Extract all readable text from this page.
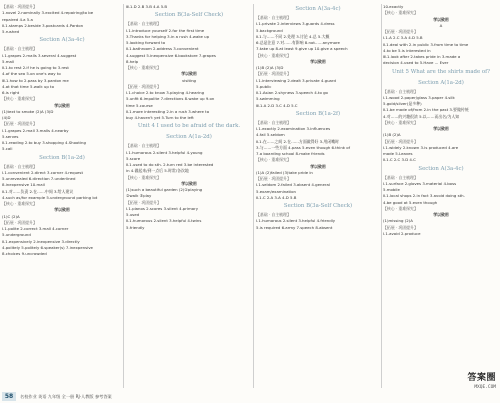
【基础 · 巩固提升】
1.novel 2.nominally 3.excited 4.repairing/to be
repaired 4.a 5.a
Ⅱ.1.stamps 2.beside 3.postcards 4.Pardon
5.rushed
Section A(3a-4c)
【基础 · 自主梳理】
Ⅰ.1.grapes 2.malls 3.several 4.suggest
5.mall
Ⅱ.1.to rest 2.if he is going to 3.rest
4.of the sea 5.on one's way to
Ⅲ.1.how to 2.pass by 3.pardon me
4.at that time 5.walk up to
6.is right
【核心 · 重难探究】
学以致用
(1)text to smoke (2)A (3)D
(4)D
【拓展 · 巩固提升】
Ⅰ.1.grapes 2.mall 3.malls 4.nearby
5.serves
Ⅱ.1.reading 2.to buy 3.shopping 4.Shooting
5.call
Section B(1a-2d)
【基础 · 自主梳理】
Ⅰ.1.convenient 2.direct 3.corner 4.request
5.unrevealed 6.direction 7.underlined
8.inexpensive 10.mail
Ⅱ.1.对……负责 2.在……中间 3.给人建议
4.such as/for example 5.underground parking lot
【核心 · 重难探究】
学以致用
(1)C (2)A
【拓展 · 巩固提升】
Ⅰ.1.polite 2.correct 3.mall 4.corner
5.underground
Ⅱ.1.expensively 2.inexpensive 3.directly
4.politely 5.politely 6.speaker(s) 7.inexpensive
8.choices 9.uncrowded
Ⅲ.1.D 2.B 3.B 4.A 5.B
Section B(3a-Self Check)
【基础 · 自主梳理】
Ⅰ.1.introduce yourself 2.for the first time
3.Thanks for helping 3.in a rush 4.wake up
5.looking forward to
Ⅱ.1.bathroom 2.address 3.convenient
4.suggest 5.inexpensive 6.bookstore 7.grapes
8.help
【核心 · 重难探究】
学以致用
visiting
【拓展 · 巩固提升】
Ⅰ.1.choice 2.to know 3.playing 4.hearing
5.unfit 6.impolite 7.directions 8.wake up 9.on
time 5.course
Ⅱ.1.more interesting 2.in a rush 3.where to
buy 4.haven't yet 5.Turn to the left
Unit 4 I used to be afraid of the dark.
Section A(1a-2d)
【基础 · 自主梳理】
Ⅰ.1.humorous 2.silent 3.helpful 4.young
5.score
Ⅱ.1.used to do sth. 2.turn red 3.be interested
in 4.做起来/到一点后 5.时常/各次地
【核心 · 重难探究】
学以致用
(1)such a beautiful garden (2)①playing
②walk ③play
【拓展 · 巩固提升】
Ⅰ.1.pianos 2.scores 3.silent 4.primary
5.used
Ⅱ.1.humorous 2.silent 3.helpful 4.twins
5.friendly
Section A(3a-4c)
【基础 · 自主梳理】
Ⅰ.1.private 2.interviews 3.guards 4.dress
5.background
Ⅱ.1.与……不同 2.处理 3.讨论 4.总 5.大概
6.总是注意 7.对……有影响 8.not……anymore
7.take up 8.at least 9.give up 10.give a speech
【核心 · 重难探究】
学以致用
(1)B (2)A (3)D
【拓展 · 巩固提升】
Ⅰ.1.interviewing 2.dealt 3.private 4.guard
5.public
Ⅱ.1.Asian 2.shyness 3.speech 4.to go
5.swimming
Ⅲ.1.A 2.D 3.C 4.D 5.C
Section B(1a-2f)
【基础 · 自主梳理】
Ⅰ.1.exactly 2.examination 3.influences
4.fail 5.seldom
Ⅱ.1.在……之间 2.在……方面做得好 3.用闭嘴时
3.与……一些方面 4.pass 5.even though 6.think of
7.a boarding school 8.make friends
【核心 · 重难探究】
学以致用
(1)A (2)failed (3)take pride in
【拓展 · 巩固提升】
Ⅰ.1.seldom 2.failed 3.absent 4.general
5.exam/examination
Ⅱ.1.C 2.A 3.A 4.D 5.B
Section B(3a-Self Check)
【基础 · 自主梳理】
Ⅰ.1.humorous 2.silent 3.helpful 4.friendly
5.is required 6.army 7.speech 8.absent
10.exactly
【核心 · 重难探究】
学以致用
A
【拓展 · 巩固提升】
Ⅰ.1.A 2.C 3.A 4.D 5.B
Ⅱ.1.deal with 2.in public 3.from time to time
4.to be 5.is interested in
Ⅲ.1.look after 2.takes pride in 3.made a
decision 4.used to 5.Have ... Ever
Unit 5 What are the shirts made of?
Section A(1a-2d)
【基础 · 自主梳理】
Ⅰ.1.wood 2.paper/glass 3.paper 4.silk
5.gold/silver(是多种)
Ⅱ.1.be made of/from 2.in the past 3.要做传统
4.对……的兴趣很浓 5.以……而出名/为人知
【核心 · 重难探究】
学以致用
(1)B (2)A
【拓展 · 巩固提升】
Ⅰ.1.widely 2.known 3.is produced 4.are
made 5.Leaves
Ⅱ.1.C 2.C 3.D 4.C
Section A(3a-4c)
【基础 · 自主梳理】
Ⅰ.1.surface 2.gloves 3.material 4.boss
5.mobile
Ⅱ.1.local shops 2.in fact 3.avoid doing sth.
4.be good at 5.even though
【核心 · 重难探究】
学以致用
(1)missing (2)A
【拓展 · 巩固提升】
Ⅰ.1.avoid 2.produce
58	名校作业 英语 九年级 全一册 RJ·人教版 参考答案
答案圈
MXQE.COM
